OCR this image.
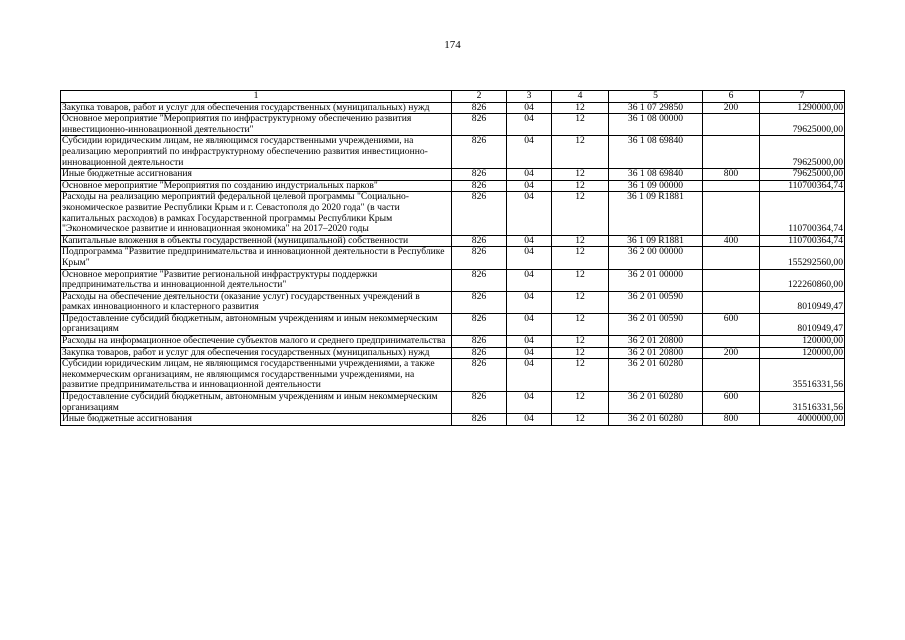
174
1	2	3	4	5	6	7
Закупка товаров, работ и услуг для обеспечения государственных (муниципальных) нужд	826	04	12	36 1 07 29850	200	1290000,00
Основное мероприятие "Мероприятия по инфраструктурному обеспечению развития инвестиционно-инновационной деятельности"	826	04	12	36 1 08 00000		79625000,00
Субсидии юридическим лицам, не являющимся государственными учреждениями, на реализацию мероприятий по инфраструктурному обеспечению развития инвестиционно-инновационной деятельности	826	04	12	36 1 08 69840		79625000,00
Иные бюджетные ассигнования	826	04	12	36 1 08 69840	800	79625000,00
Основное мероприятие "Мероприятия по созданию индустриальных парков"	826	04	12	36 1 09 00000		110700364,74
Расходы на реализацию мероприятий федеральной целевой программы "Социально-экономическое развитие Республики Крым и г. Севастополя до 2020 года" (в части капитальных расходов) в рамках Государственной программы Республики Крым "Экономическое развитие и инновационная экономика" на 2017–2020 годы	826	04	12	36 1 09 R1881		110700364,74
Капитальные вложения в объекты государственной (муниципальной) собственности	826	04	12	36 1 09 R1881	400	110700364,74
Подпрограмма "Развитие предпринимательства и инновационной деятельности в Республике Крым"	826	04	12	36 2 00 00000		155292560,00
Основное мероприятие "Развитие региональной инфраструктуры поддержки предпринимательства и инновационной деятельности"	826	04	12	36 2 01 00000		122260860,00
Расходы на обеспечение деятельности (оказание услуг) государственных учреждений в рамках инновационного и кластерного развития	826	04	12	36 2 01 00590		8010949,47
Предоставление субсидий бюджетным, автономным учреждениям и иным некоммерческим организациям	826	04	12	36 2 01 00590	600	8010949,47
Расходы на информационное обеспечение субъектов малого и среднего предпринимательства	826	04	12	36 2 01 20800		120000,00
Закупка товаров, работ и услуг для обеспечения государственных (муниципальных) нужд	826	04	12	36 2 01 20800	200	120000,00
Субсидии юридическим лицам, не являющимся государственными учреждениями, а также некоммерческим организациям, не являющимся государственными учреждениями, на развитие предпринимательства и инновационной деятельности	826	04	12	36 2 01 60280		35516331,56
Предоставление субсидий бюджетным, автономным учреждениям и иным некоммерческим организациям	826	04	12	36 2 01 60280	600	31516331,56
Иные бюджетные ассигнования	826	04	12	36 2 01 60280	800	4000000,00
